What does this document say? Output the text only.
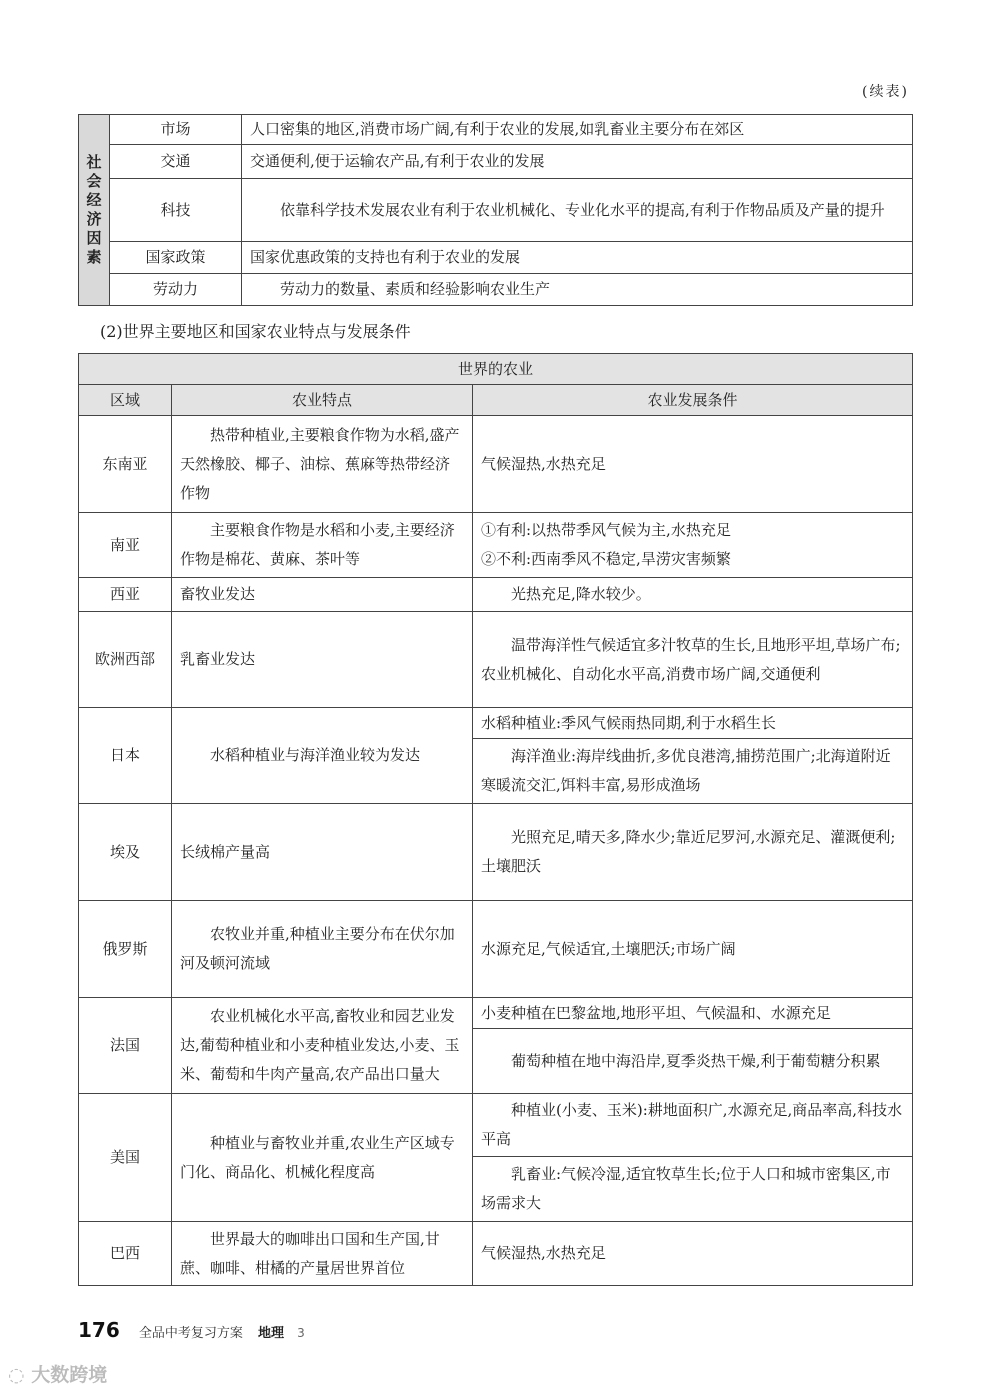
(续表)
社会经济因素	市场	人口密集的地区,消费市场广阔,有利于农业的发展,如乳畜业主要分布在郊区
	交通	交通便利,便于运输农产品,有利于农业的发展
	科技	依靠科学技术发展农业有利于农业机械化、专业化水平的提高,有利于作物品质及产量的提升
	国家政策	国家优惠政策的支持也有利于农业的发展
	劳动力	劳动力的数量、素质和经验影响农业生产
(2)世界主要地区和国家农业特点与发展条件
世界的农业		
区域	农业特点	农业发展条件
东南亚	热带种植业,主要粮食作物为水稻,盛产天然橡胶、椰子、油棕、蕉麻等热带经济作物	气候湿热,水热充足
南亚	主要粮食作物是水稻和小麦,主要经济作物是棉花、黄麻、茶叶等	①有利:以热带季风气候为主,水热充足
②不利:西南季风不稳定,旱涝灾害频繁
西亚	畜牧业发达	光热充足,降水较少。
欧洲西部	乳畜业发达	温带海洋性气候适宜多汁牧草的生长,且地形平坦,草场广布;农业机械化、自动化水平高,消费市场广阔,交通便利
日本	水稻种植业与海洋渔业较为发达	水稻种植业:季风气候雨热同期,利于水稻生长
		海洋渔业:海岸线曲折,多优良港湾,捕捞范围广;北海道附近寒暖流交汇,饵料丰富,易形成渔场
埃及	长绒棉产量高	光照充足,晴天多,降水少;靠近尼罗河,水源充足、灌溉便利;土壤肥沃
俄罗斯	农牧业并重,种植业主要分布在伏尔加河及顿河流域	水源充足,气候适宜,土壤肥沃;市场广阔
法国	农业机械化水平高,畜牧业和园艺业发达,葡萄种植业和小麦种植业发达,小麦、玉米、葡萄和牛肉产量高,农产品出口量大	小麦种植在巴黎盆地,地形平坦、气候温和、水源充足
		葡萄种植在地中海沿岸,夏季炎热干燥,利于葡萄糖分积累
美国	种植业与畜牧业并重,农业生产区域专门化、商品化、机械化程度高	种植业(小麦、玉米):耕地面积广,水源充足,商品率高,科技水平高
		乳畜业:气候冷湿,适宜牧草生长;位于人口和城市密集区,市场需求大
巴西	世界最大的咖啡出口国和生产国,甘蔗、咖啡、柑橘的产量居世界首位	气候湿热,水热充足
176 全品中考复习方案 地理 3
◌ 大数跨境
